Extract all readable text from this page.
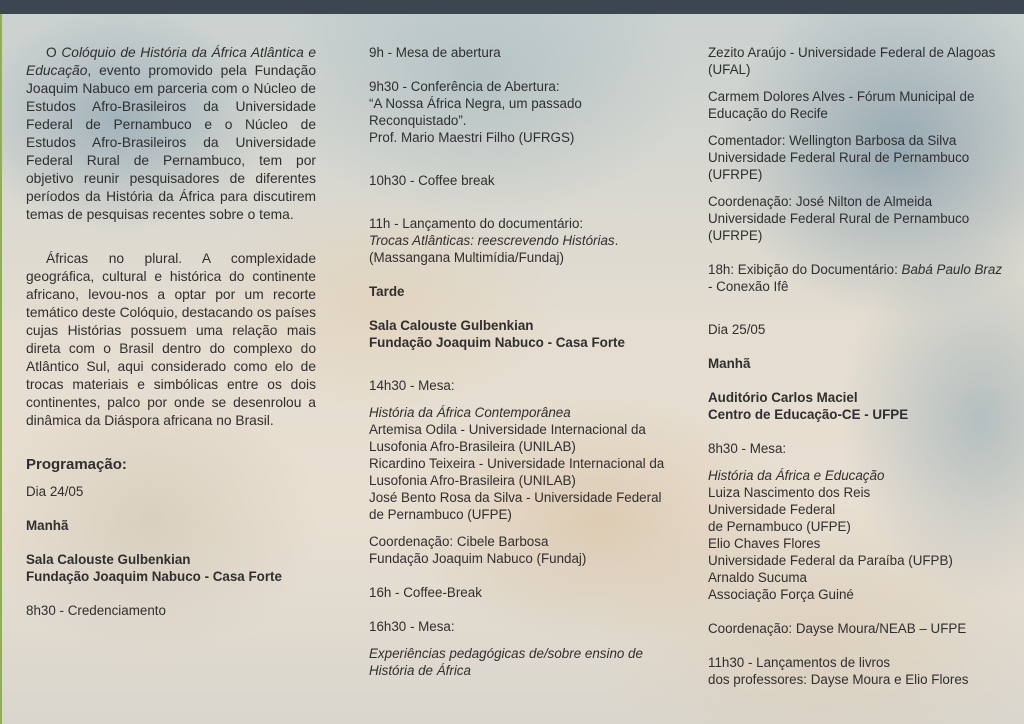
O Colóquio de História da África Atlântica e Educação, evento promovido pela Fundação Joaquim Nabuco em parceria com o Núcleo de Estudos Afro-Brasileiros da Universidade Federal de Pernambuco e o Núcleo de Estudos Afro-Brasileiros da Universidade Federal Rural de Pernambuco, tem por objetivo reunir pesquisadores de diferentes períodos da História da África para discutirem temas de pesquisas recentes sobre o tema.

Áfricas no plural. A complexidade geográfica, cultural e histórica do continente africano, levou-nos a optar por um recorte temático deste Colóquio, destacando os países cujas Histórias possuem uma relação mais direta com o Brasil dentro do complexo do Atlântico Sul, aqui considerado como elo de trocas materiais e simbólicas entre os dois continentes, palco por onde se desenrolou a dinâmica da Diáspora africana no Brasil.

Programação:

Dia 24/05

Manhã

Sala Calouste Gulbenkian

Fundação Joaquim Nabuco - Casa Forte

8h30 - Credenciamento

9h - Mesa de abertura

9h30 - Conferência de Abertura:

“A Nossa África Negra, um passado Reconquistado”.

Prof. Mario Maestri Filho (UFRGS)

10h30 - Coffee break

11h - Lançamento do documentário:

Trocas Atlânticas: reescrevendo Histórias.

(Massangana Multimídia/Fundaj)

Tarde

Sala Calouste Gulbenkian

Fundação Joaquim Nabuco - Casa Forte

14h30 - Mesa:

História da África Contemporânea

Artemisa Odila - Universidade Internacional da Lusofonia Afro-Brasileira (UNILAB)

Ricardino Teixeira - Universidade Internacional da Lusofonia Afro-Brasileira (UNILAB)

José Bento Rosa da Silva - Universidade Federal de Pernambuco (UFPE)

Coordenação: Cibele Barbosa

Fundação Joaquim Nabuco (Fundaj)

16h - Coffee-Break

16h30 - Mesa:

Experiências pedagógicas de/sobre ensino de História de África

Zezito Araújo - Universidade Federal de Alagoas (UFAL)

Carmem Dolores Alves - Fórum Municipal de Educação do Recife

Comentador: Wellington Barbosa da Silva

Universidade Federal Rural de Pernambuco (UFRPE)

Coordenação: José Nilton de Almeida

Universidade Federal Rural de Pernambuco (UFRPE)

18h: Exibição do Documentário: Babá Paulo Braz - Conexão Ifê

Dia 25/05

Manhã

Auditório Carlos Maciel

Centro de Educação-CE - UFPE

8h30 - Mesa:

História da África e Educação

Luiza Nascimento dos Reis

Universidade Federal

de Pernambuco (UFPE)

Elio Chaves Flores

Universidade Federal da Paraíba (UFPB)

Arnaldo Sucuma

Associação Força Guiné

Coordenação: Dayse Moura/NEAB – UFPE

11h30 - Lançamentos de livros

dos professores: Dayse Moura e Elio Flores
